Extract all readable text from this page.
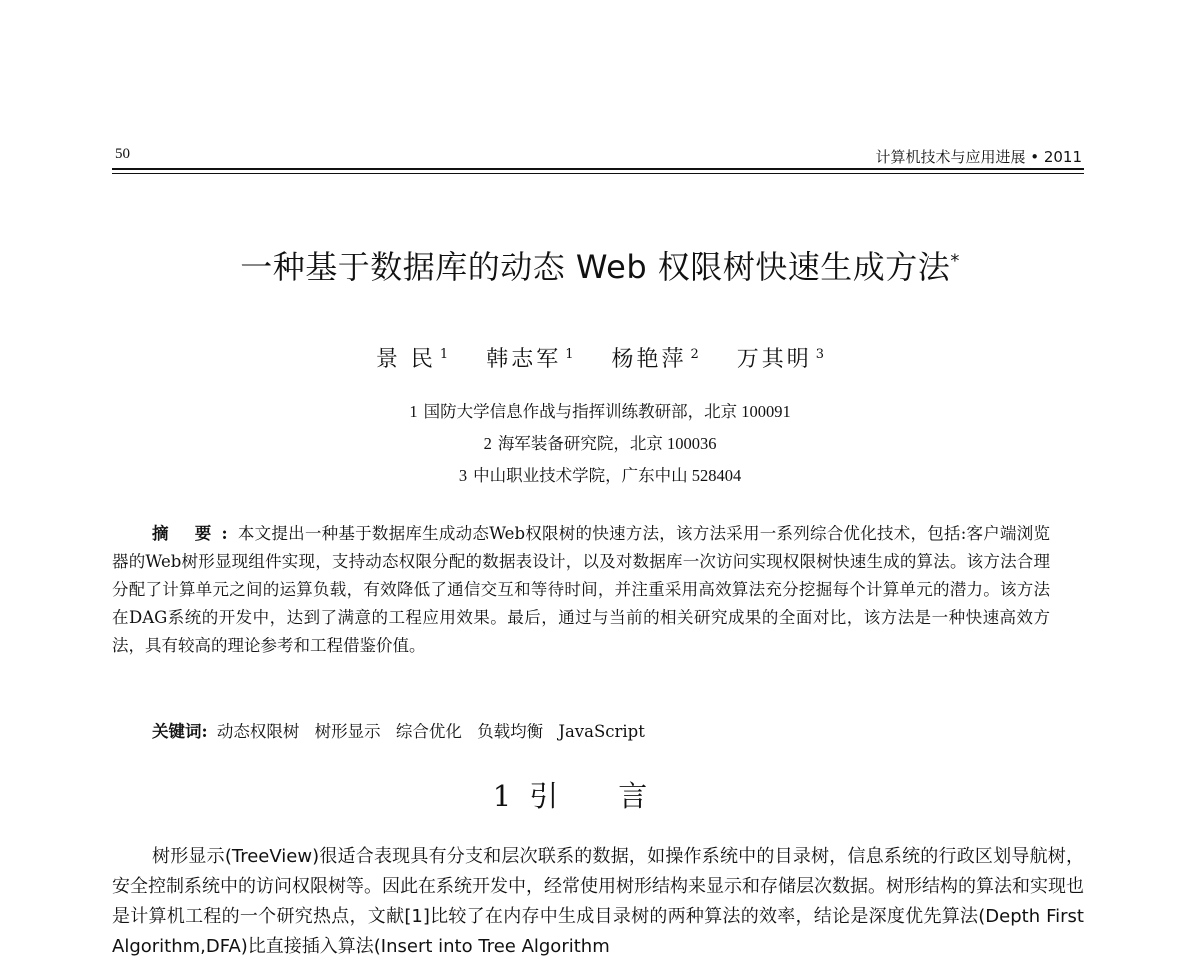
50	计算机技术与应用进展 • 2011
一种基于数据库的动态 Web 权限树快速生成方法*
景 民 $^1$ 韩志军 $^1$ 杨艳萍 $^2$ 万其明 $^3$
1 国防大学信息作战与指挥训练教研部，北京 100091
2 海军装备研究院，北京 100036
3 中山职业技术学院，广东中山 528404
摘 要:本文提出一种基于数据库生成动态Web权限树的快速方法，该方法采用一系列综合优化技术，包括:客户端浏览器的Web树形显现组件实现，支持动态权限分配的数据表设计，以及对数据库一次访问实现权限树快速生成的算法。该方法合理分配了计算单元之间的运算负载，有效降低了通信交互和等待时间，并注重采用高效算法充分挖掘每个计算单元的潜力。该方法在DAG系统的开发中，达到了满意的工程应用效果。最后，通过与当前的相关研究成果的全面对比，该方法是一种快速高效方法，具有较高的理论参考和工程借鉴价值。
关键词: 动态权限树 树形显示 综合优化 负载均衡 JavaScript
1 引言
树形显示(TreeView)很适合表现具有分支和层次联系的数据，如操作系统中的目录树，信息系统的行政区划导航树，安全控制系统中的访问权限树等。因此在系统开发中，经常使用树形结构来显示和存储层次数据。树形结构的算法和实现也是计算机工程的一个研究热点，文献[1]比较了在内存中生成目录树的两种算法的效率，结论是深度优先算法(Depth First Algorithm,DFA)比直接插入算法(Insert into Tree Algorithm
